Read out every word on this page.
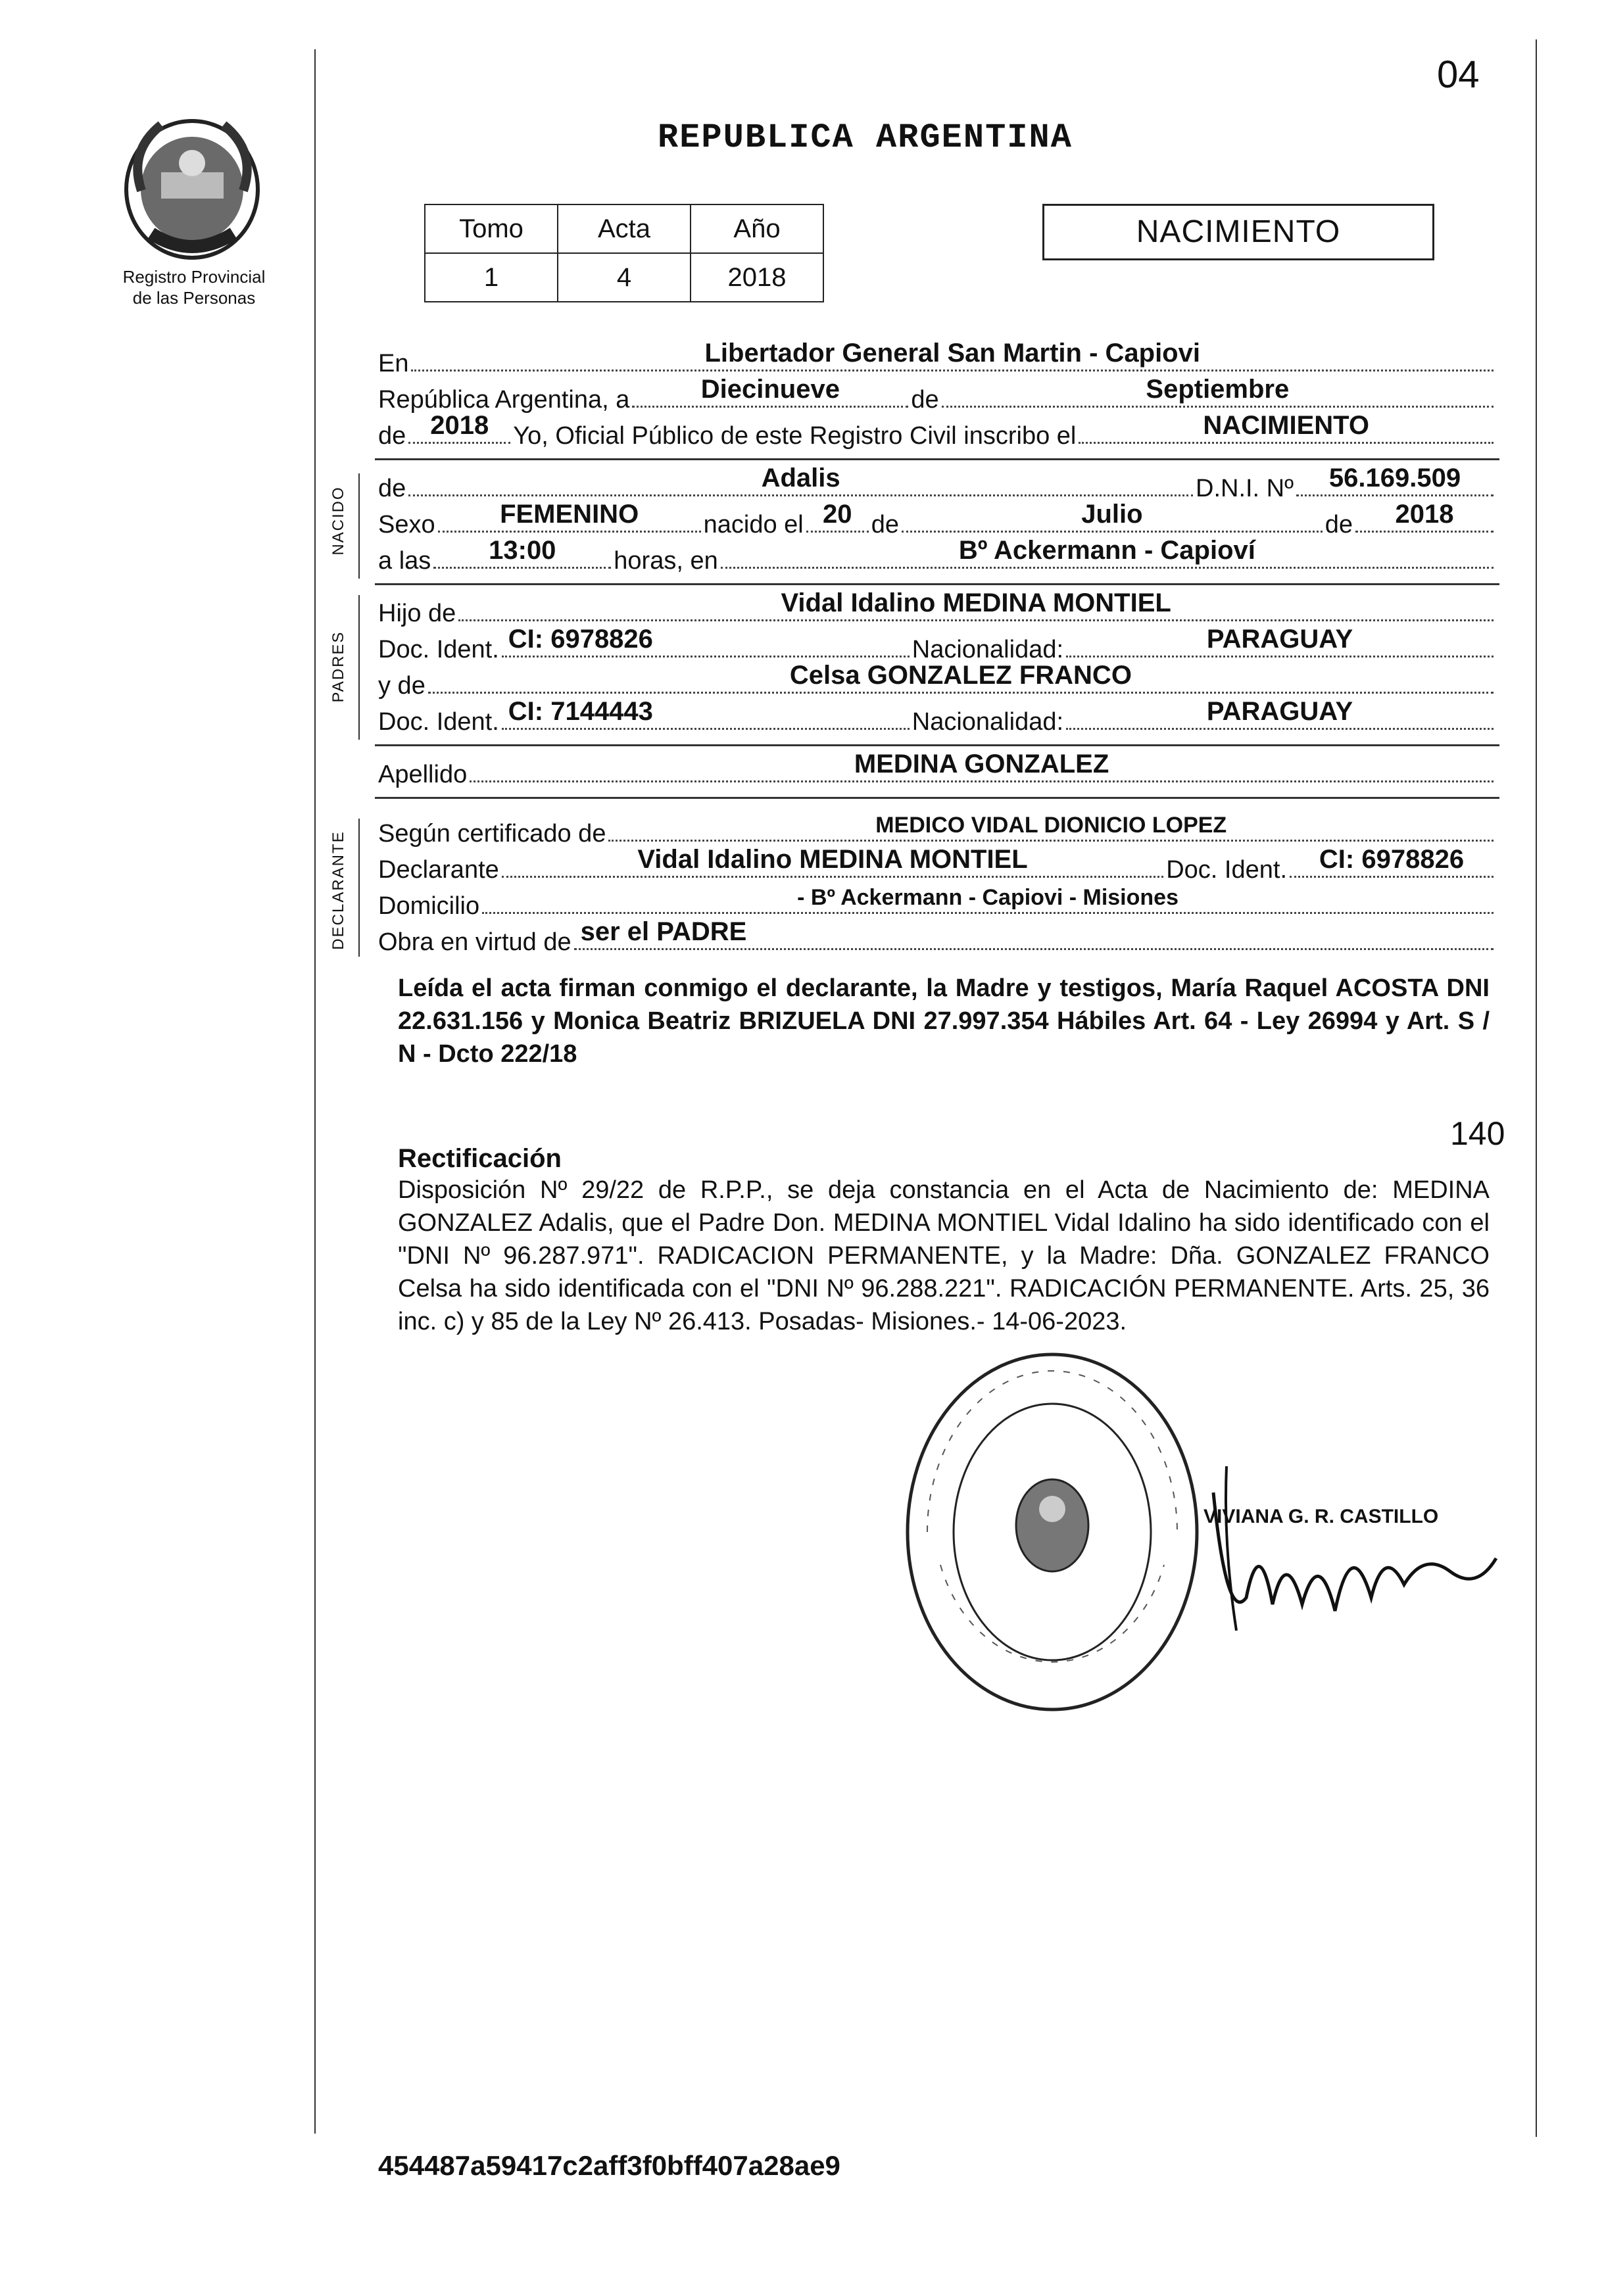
04
Registro Provincial
de las Personas
REPUBLICA ARGENTINA
Tomo	Acta	Año
1	4	2018
NACIMIENTO
NACIDO
PADRES
DECLARANTE
En	Libertador General San Martin - Capiovi
República Argentina, a	Diecinueve	de	Septiembre
de 2018 Yo, Oficial Público de este Registro Civil inscribo el	NACIMIENTO
de	Adalis	D.N.I. Nº	56.169.509
Sexo	FEMENINO	nacido el 20 de	Julio	de	2018
a las	13:00	horas, en	Bº Ackermann - Capioví
Hijo de	Vidal Idalino MEDINA MONTIEL
Doc. Ident. CI: 6978826	Nacionalidad:	PARAGUAY
y de	Celsa GONZALEZ FRANCO
Doc. Ident. CI: 7144443	Nacionalidad:	PARAGUAY
Apellido	MEDINA GONZALEZ
Según certificado de	MEDICO VIDAL DIONICIO LOPEZ
Declarante	Vidal Idalino MEDINA MONTIEL	Doc. Ident.	CI: 6978826
Domicilio	- Bº Ackermann - Capiovi - Misiones
Obra en virtud de ser el PADRE
Leída el acta firman conmigo el declarante, la Madre y testigos, María Raquel ACOSTA DNI 22.631.156 y Monica Beatriz BRIZUELA DNI 27.997.354 Hábiles Art. 64 - Ley 26994 y Art. S / N - Dcto 222/18
140
Rectificación
Disposición Nº 29/22 de R.P.P., se deja constancia en el Acta de Nacimiento de: MEDINA GONZALEZ Adalis, que el Padre Don. MEDINA MONTIEL Vidal Idalino ha sido identificado con el "DNI Nº 96.287.971". RADICACION PERMANENTE, y la Madre: Dña. GONZALEZ FRANCO Celsa ha sido identificada con el "DNI Nº 96.288.221". RADICACIÓN PERMANENTE. Arts. 25, 36 inc. c) y 85 de la Ley Nº 26.413. Posadas- Misiones.- 14-06-2023.
VIVIANA G. R. CASTILLO
454487a59417c2aff3f0bff407a28ae9
